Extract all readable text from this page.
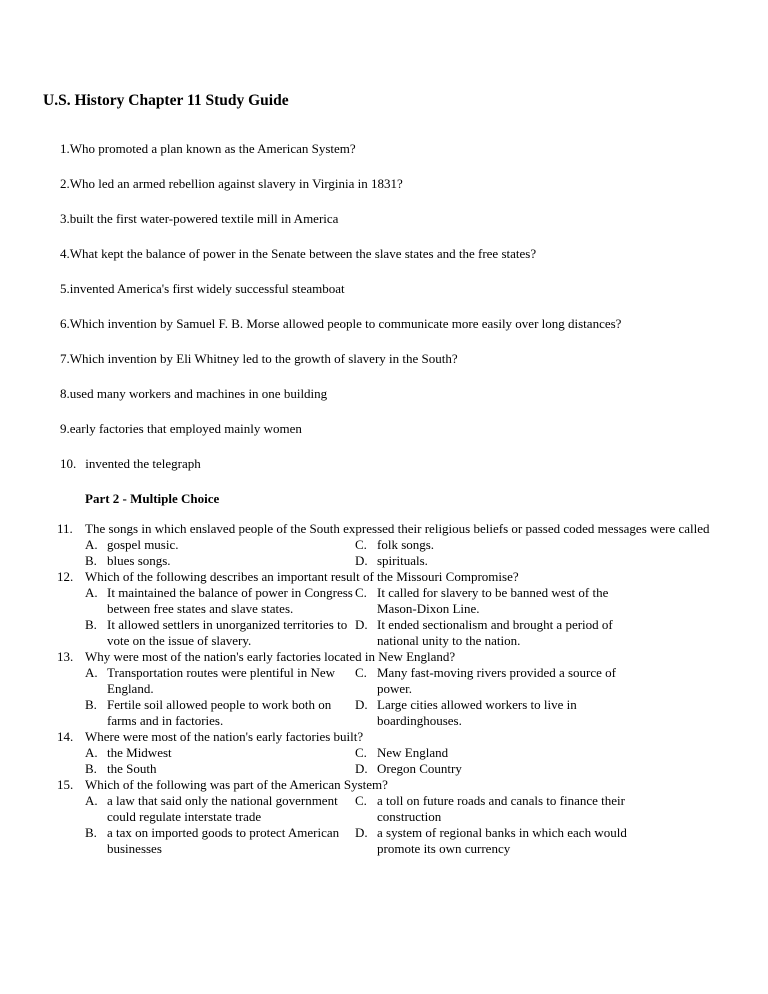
U.S. History Chapter 11 Study Guide
1.Who promoted a plan known as the American System?
2.Who led an armed rebellion against slavery in Virginia in 1831?
3.built the first water-powered textile mill in America
4.What kept the balance of power in the Senate between the slave states and the free states?
5.invented America's first widely successful steamboat
6.Which invention by Samuel F. B. Morse allowed people to communicate more easily over long distances?
7.Which invention by Eli Whitney led to the growth of slavery in the South?
8.used many workers and machines in one building
9.early factories that employed mainly women
10. invented the telegraph
Part 2 - Multiple Choice
11. The songs in which enslaved people of the South expressed their religious beliefs or passed coded messages were called
A. gospel music.
B. blues songs.
C. folk songs.
D. spirituals.
12. Which of the following describes an important result of the Missouri Compromise?
A. It maintained the balance of power in Congress between free states and slave states.
B. It allowed settlers in unorganized territories to vote on the issue of slavery.
C. It called for slavery to be banned west of the Mason-Dixon Line.
D. It ended sectionalism and brought a period of national unity to the nation.
13. Why were most of the nation's early factories located in New England?
A. Transportation routes were plentiful in New England.
B. Fertile soil allowed people to work both on farms and in factories.
C. Many fast-moving rivers provided a source of power.
D. Large cities allowed workers to live in boardinghouses.
14. Where were most of the nation's early factories built?
A. the Midwest
B. the South
C. New England
D. Oregon Country
15. Which of the following was part of the American System?
A. a law that said only the national government could regulate interstate trade
B. a tax on imported goods to protect American businesses
C. a toll on future roads and canals to finance their construction
D. a system of regional banks in which each would promote its own currency
